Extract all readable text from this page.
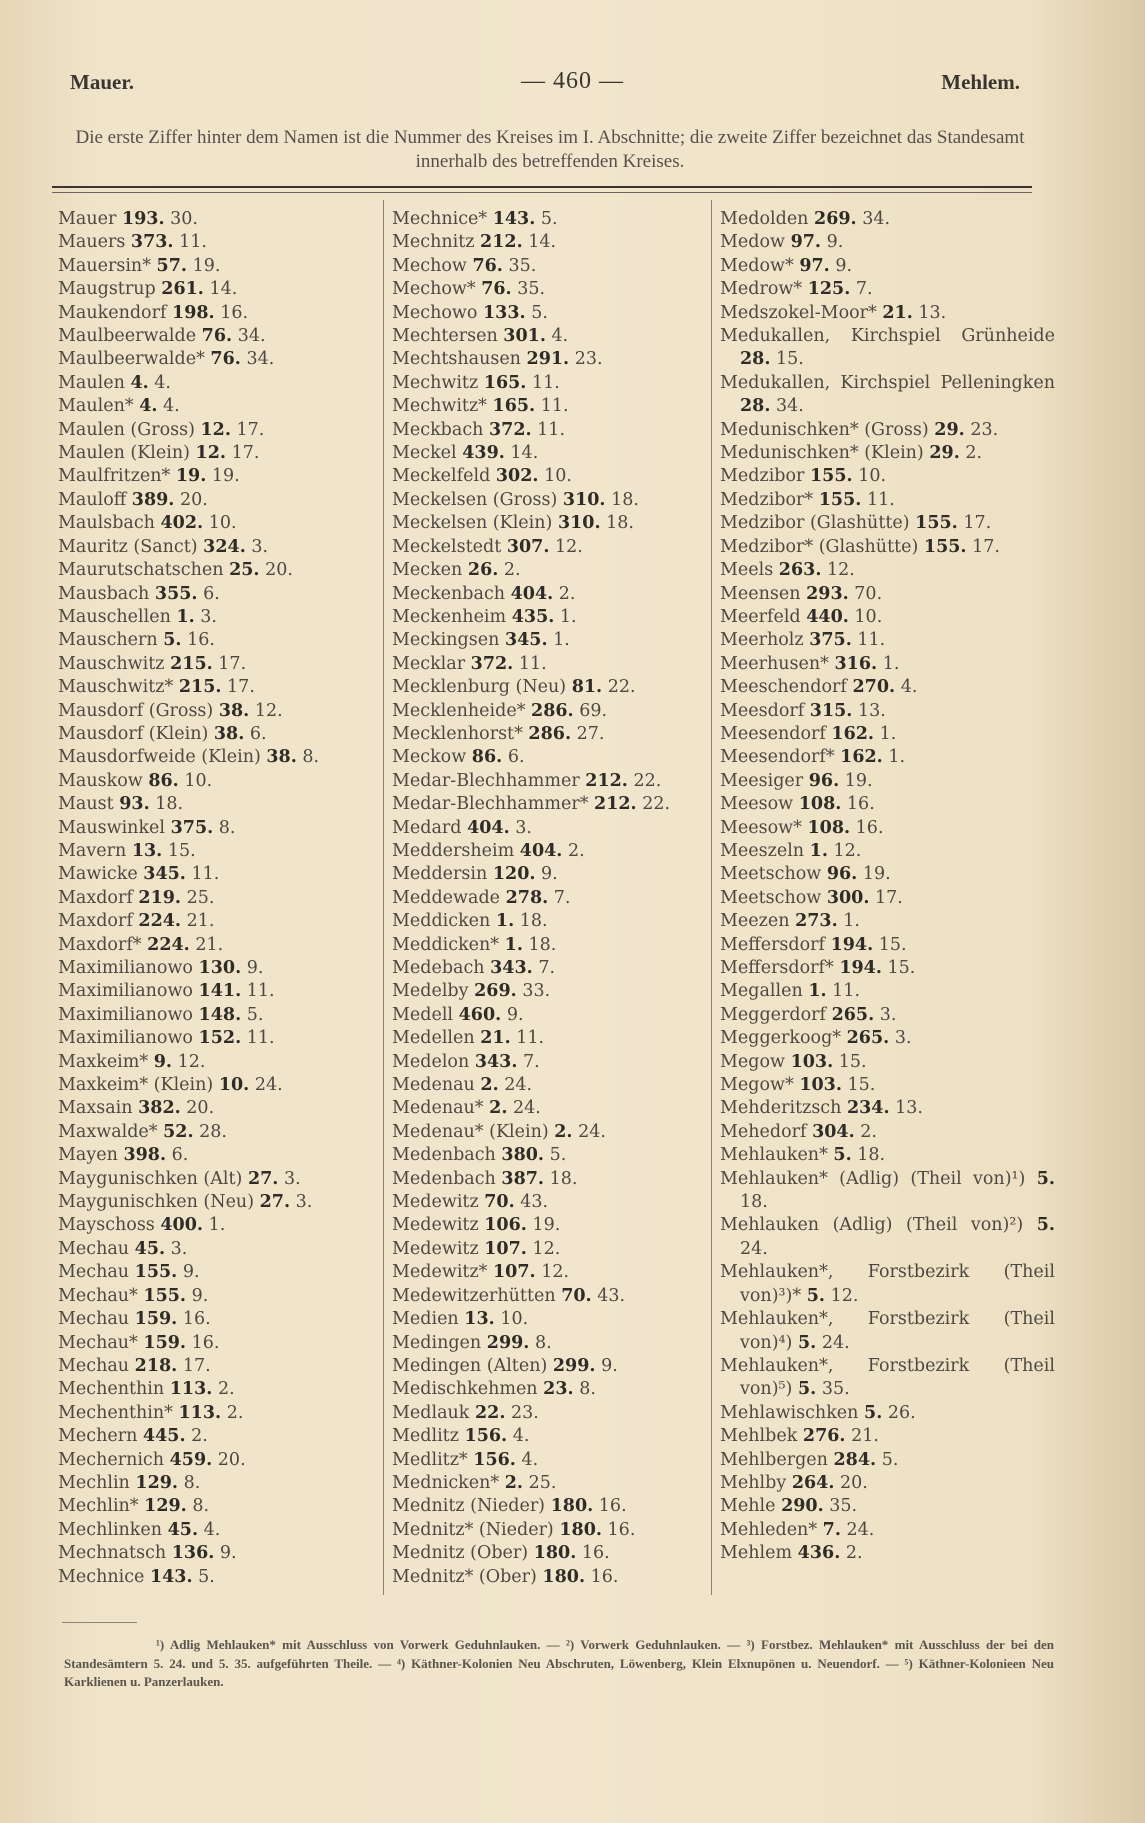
Mauer.	— 460 —	Mehlem.
Die erste Ziffer hinter dem Namen ist die Nummer des Kreises im I. Abschnitte; die zweite Ziffer bezeichnet das Standesamt innerhalb des betreffenden Kreises.
Mauer 193. 30.
Mauers 373. 11.
Mauersin* 57. 19.
Maugstrup 261. 14.
Maukendorf 198. 16.
Maulbeerwalde 76. 34.
Maulbeerwalde* 76. 34.
Maulen 4. 4.
Maulen* 4. 4.
Maulen (Gross) 12. 17.
Maulen (Klein) 12. 17.
Maulfritzen* 19. 19.
Mauloff 389. 20.
Maulsbach 402. 10.
Mauritz (Sanct) 324. 3.
Maurutschatschen 25. 20.
Mausbach 355. 6.
Mauschellen 1. 3.
Mauschern 5. 16.
Mauschwitz 215. 17.
Mauschwitz* 215. 17.
Mausdorf (Gross) 38. 12.
Mausdorf (Klein) 38. 6.
Mausdorfweide (Klein) 38. 8.
Mauskow 86. 10.
Maust 93. 18.
Mauswinkel 375. 8.
Mavern 13. 15.
Mawicke 345. 11.
Maxdorf 219. 25.
Maxdorf 224. 21.
Maxdorf* 224. 21.
Maximilianowo 130. 9.
Maximilianowo 141. 11.
Maximilianowo 148. 5.
Maximilianowo 152. 11.
Maxkeim* 9. 12.
Maxkeim* (Klein) 10. 24.
Maxsain 382. 20.
Maxwalde* 52. 28.
Mayen 398. 6.
Maygunischken (Alt) 27. 3.
Maygunischken (Neu) 27. 3.
Mayschoss 400. 1.
Mechau 45. 3.
Mechau 155. 9.
Mechau* 155. 9.
Mechau 159. 16.
Mechau* 159. 16.
Mechau 218. 17.
Mechenthin 113. 2.
Mechenthin* 113. 2.
Mechern 445. 2.
Mechernich 459. 20.
Mechlin 129. 8.
Mechlin* 129. 8.
Mechlinken 45. 4.
Mechnatsch 136. 9.
Mechnice 143. 5.
Mechnice* 143. 5.
Mechnitz 212. 14.
Mechow 76. 35.
Mechow* 76. 35.
Mechowo 133. 5.
Mechtersen 301. 4.
Mechtshausen 291. 23.
Mechwitz 165. 11.
Mechwitz* 165. 11.
Meckbach 372. 11.
Meckel 439. 14.
Meckelfeld 302. 10.
Meckelsen (Gross) 310. 18.
Meckelsen (Klein) 310. 18.
Meckelstedt 307. 12.
Mecken 26. 2.
Meckenbach 404. 2.
Meckenheim 435. 1.
Meckingsen 345. 1.
Mecklar 372. 11.
Mecklenburg (Neu) 81. 22.
Mecklenheide* 286. 69.
Mecklenhorst* 286. 27.
Meckow 86. 6.
Medar-Blechhammer 212. 22.
Medar-Blechhammer* 212. 22.
Medard 404. 3.
Meddersheim 404. 2.
Meddersin 120. 9.
Meddewade 278. 7.
Meddicken 1. 18.
Meddicken* 1. 18.
Medebach 343. 7.
Medelby 269. 33.
Medell 460. 9.
Medellen 21. 11.
Medelon 343. 7.
Medenau 2. 24.
Medenau* 2. 24.
Medenau* (Klein) 2. 24.
Medenbach 380. 5.
Medenbach 387. 18.
Medewitz 70. 43.
Medewitz 106. 19.
Medewitz 107. 12.
Medewitz* 107. 12.
Medewitzerhütten 70. 43.
Medien 13. 10.
Medingen 299. 8.
Medingen (Alten) 299. 9.
Medischkehmen 23. 8.
Medlauk 22. 23.
Medlitz 156. 4.
Medlitz* 156. 4.
Mednicken* 2. 25.
Mednitz (Nieder) 180. 16.
Mednitz* (Nieder) 180. 16.
Mednitz (Ober) 180. 16.
Mednitz* (Ober) 180. 16.
Medolden 269. 34.
Medow 97. 9.
Medow* 97. 9.
Medrow* 125. 7.
Medszokel-Moor* 21. 13.
Medukallen, Kirchspiel Grünheide 28. 15.
Medukallen, Kirchspiel Pelleningken 28. 34.
Medunischken* (Gross) 29. 23.
Medunischken* (Klein) 29. 2.
Medzibor 155. 10.
Medzibor* 155. 11.
Medzibor (Glashütte) 155. 17.
Medzibor* (Glashütte) 155. 17.
Meels 263. 12.
Meensen 293. 70.
Meerfeld 440. 10.
Meerholz 375. 11.
Meerhusen* 316. 1.
Meeschendorf 270. 4.
Meesdorf 315. 13.
Meesendorf 162. 1.
Meesendorf* 162. 1.
Meesiger 96. 19.
Meesow 108. 16.
Meesow* 108. 16.
Meeszeln 1. 12.
Meetschow 96. 19.
Meetschow 300. 17.
Meezen 273. 1.
Meffersdorf 194. 15.
Meffersdorf* 194. 15.
Megallen 1. 11.
Meggerdorf 265. 3.
Meggerkoog* 265. 3.
Megow 103. 15.
Megow* 103. 15.
Mehderitzsch 234. 13.
Mehedorf 304. 2.
Mehlauken* 5. 18.
Mehlauken* (Adlig) (Theil von)¹) 5. 18.
Mehlauken (Adlig) (Theil von)²) 5. 24.
Mehlauken*, Forstbezirk (Theil von)³)* 5. 12.
Mehlauken*, Forstbezirk (Theil von)⁴) 5. 24.
Mehlauken*, Forstbezirk (Theil von)⁵) 5. 35.
Mehlawischken 5. 26.
Mehlbek 276. 21.
Mehlbergen 284. 5.
Mehlby 264. 20.
Mehle 290. 35.
Mehleden* 7. 24.
Mehlem 436. 2.

¹) Adlig Mehlauken* mit Ausschluss von Vorwerk Geduhnlauken. — ²) Vorwerk Geduhnlauken. — ³) Forstbez. Mehlauken* mit Ausschluss der bei den Standesämtern 5. 24. und 5. 35. aufgeführten Theile. — ⁴) Käthner-Kolonien Neu Abschruten, Löwenberg, Klein Elxnupönen u. Neuendorf. — ⁵) Käthner-Kolonieen Neu Karklienen u. Panzerlauken.
